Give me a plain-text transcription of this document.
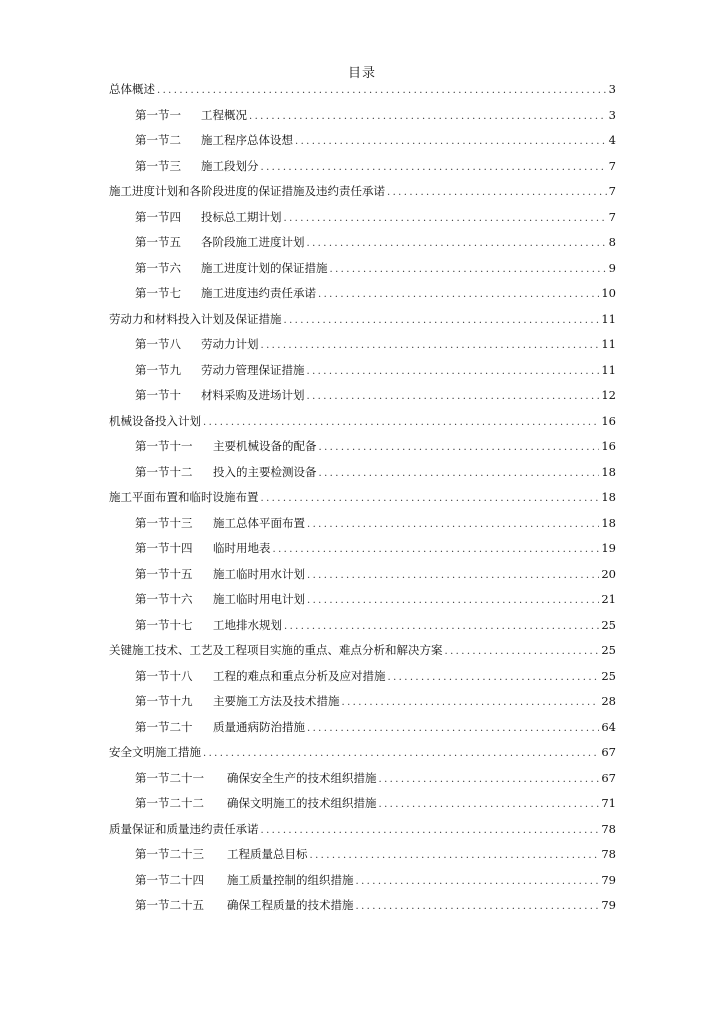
目录
总体概述 .....	3
第一节一	工程概况 .....	3
第一节二	施工程序总体设想 .....	4
第一节三	施工段划分 .....	7
施工进度计划和各阶段进度的保证措施及违约责任承诺 .....	7
第一节四	投标总工期计划 .....	7
第一节五	各阶段施工进度计划 .....	8
第一节六	施工进度计划的保证措施 .....	9
第一节七	施工进度违约责任承诺 .....	10
劳动力和材料投入计划及保证措施 .....	11
第一节八	劳动力计划 .....	11
第一节九	劳动力管理保证措施 .....	11
第一节十	材料采购及进场计划 .....	12
机械设备投入计划 .....	16
第一节十一	主要机械设备的配备 .....	16
第一节十二	投入的主要检测设备 .....	18
施工平面布置和临时设施布置 .....	18
第一节十三	施工总体平面布置 .....	18
第一节十四	临时用地表 .....	19
第一节十五	施工临时用水计划 .....	20
第一节十六	施工临时用电计划 .....	21
第一节十七	工地排水规划 .....	25
关键施工技术、工艺及工程项目实施的重点、难点分析和解决方案 .....	25
第一节十八	工程的难点和重点分析及应对措施 .....	25
第一节十九	主要施工方法及技术措施 .....	28
第一节二十	质量通病防治措施 .....	64
安全文明施工措施 .....	67
第一节二十一	确保安全生产的技术组织措施 .....	67
第一节二十二	确保文明施工的技术组织措施 .....	71
质量保证和质量违约责任承诺 .....	78
第一节二十三	工程质量总目标 .....	78
第一节二十四	施工质量控制的组织措施 .....	79
第一节二十五	确保工程质量的技术措施 .....	79
